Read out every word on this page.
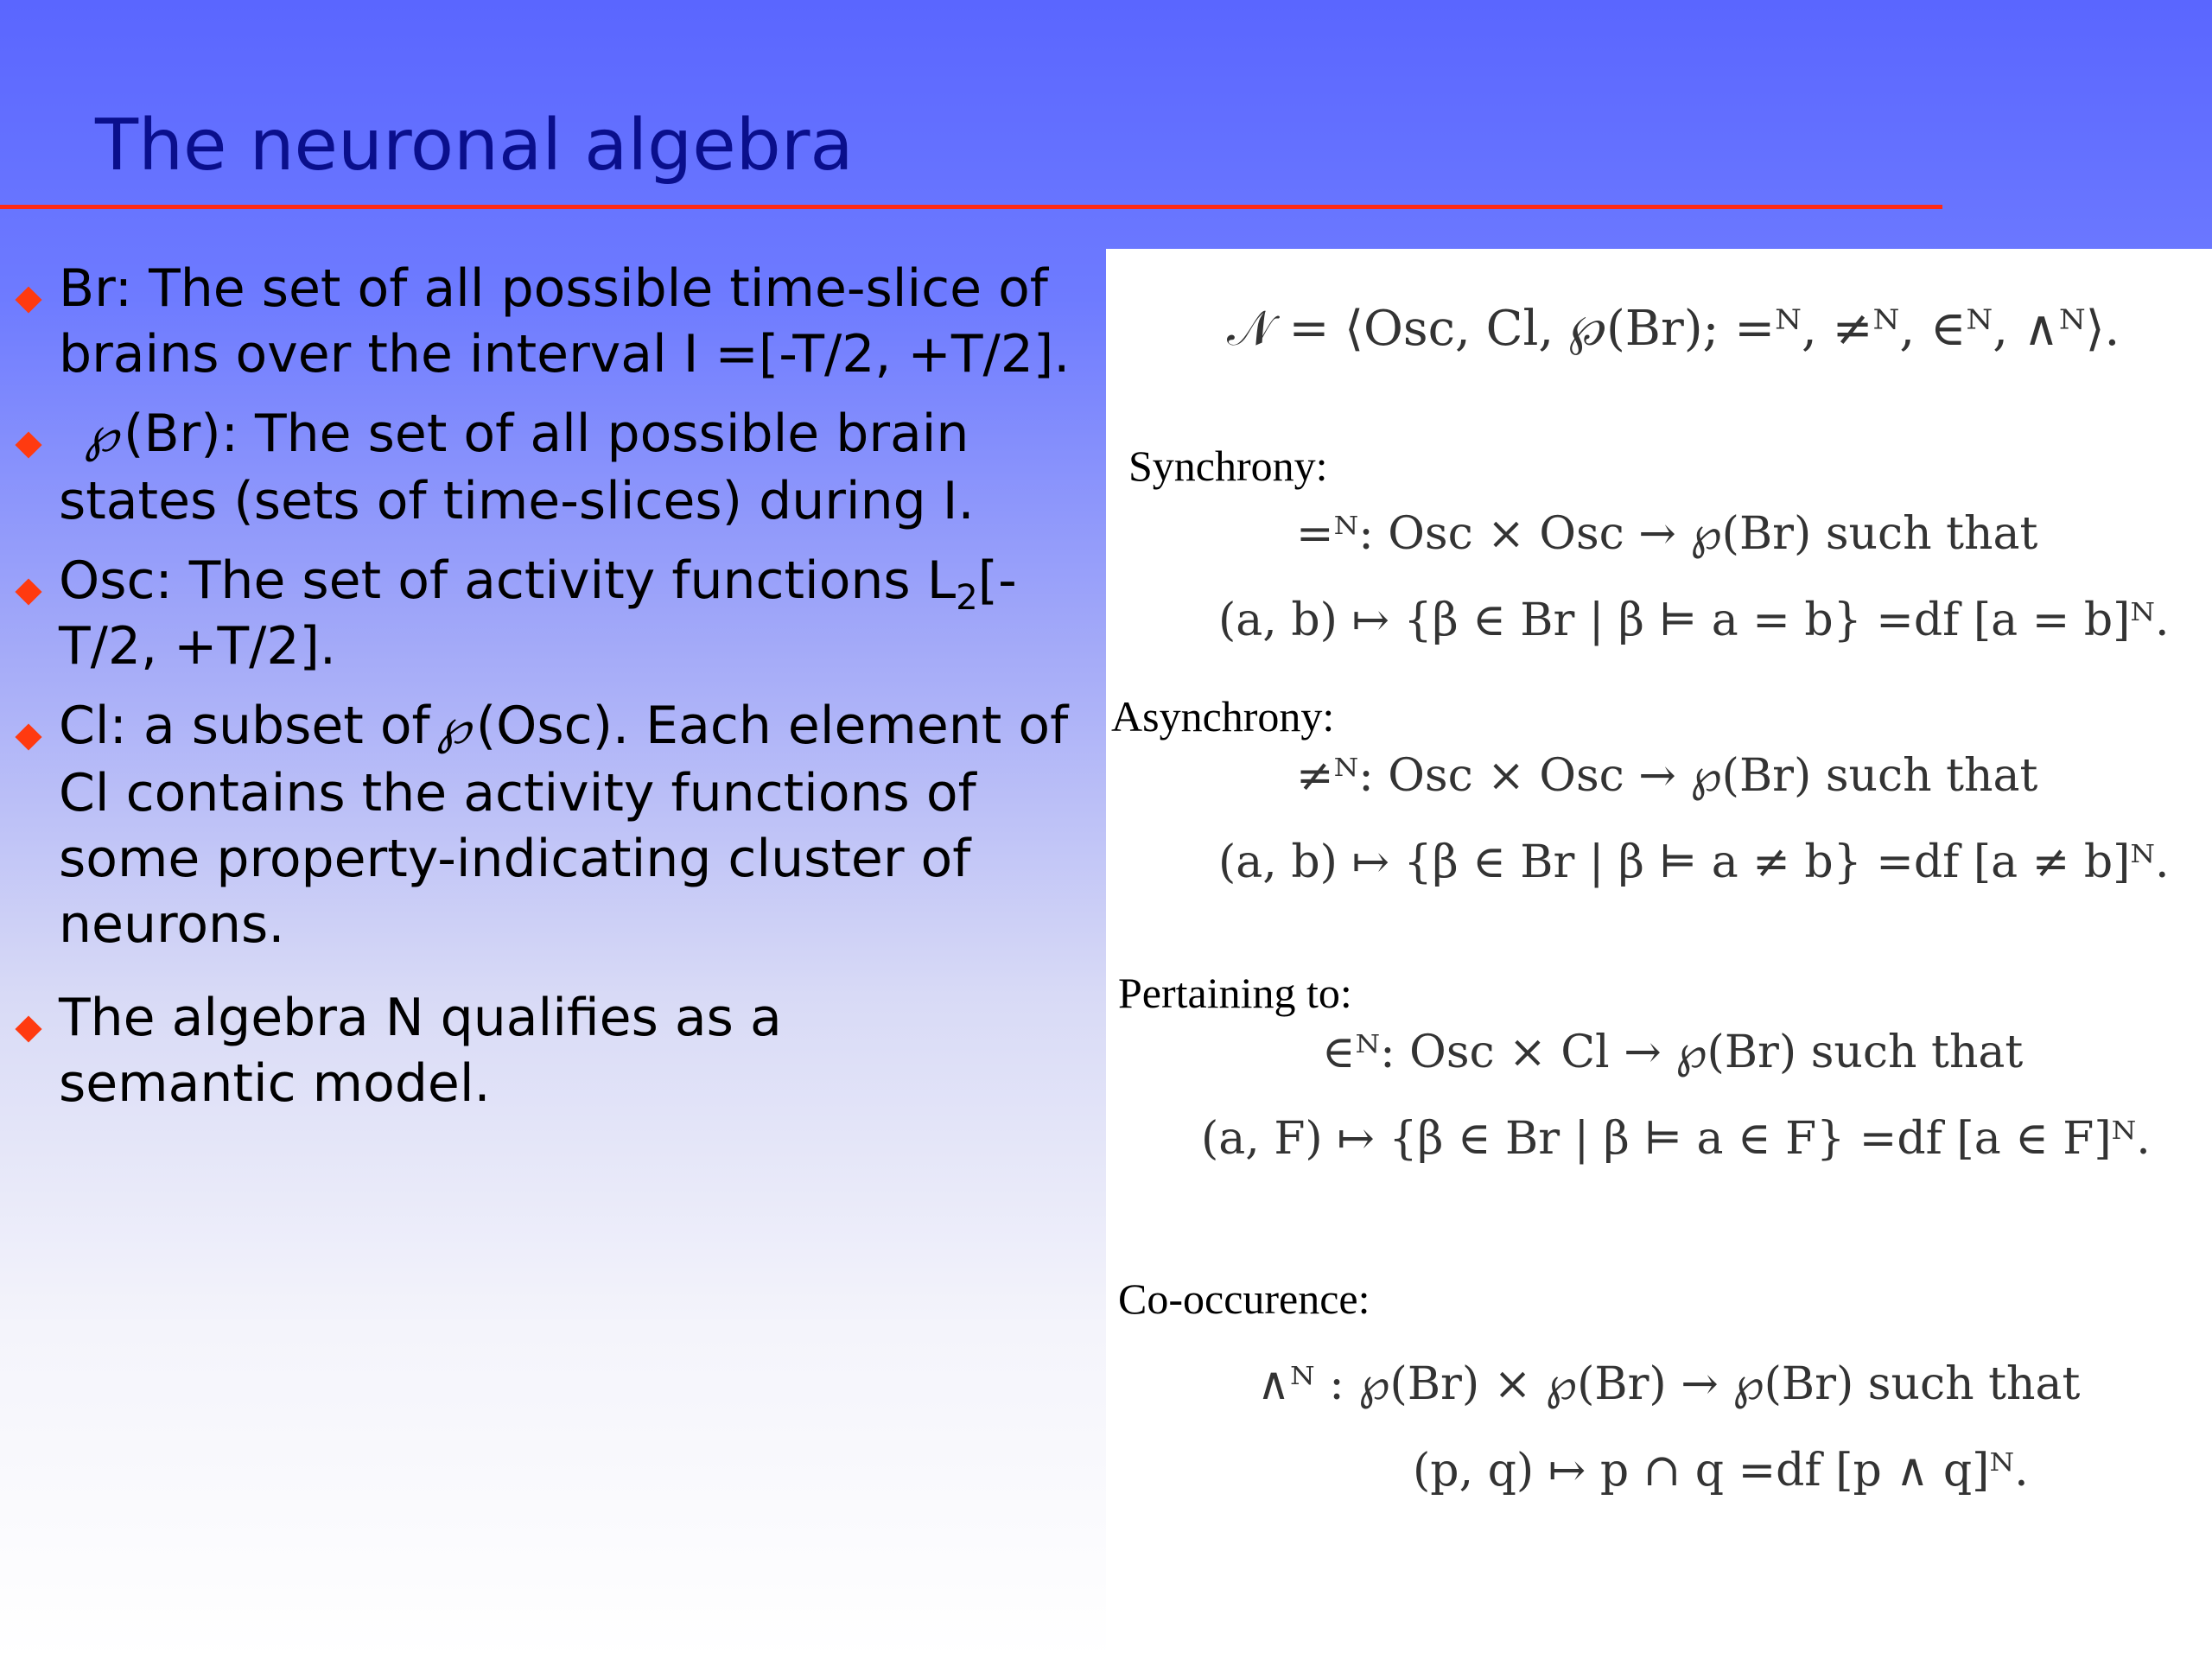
The neuronal algebra
Br: The set of all possible time-slice of brains over the interval I =[-T/2, +T/2].
℘ (Br): The set of all possible brain states (sets of time-slices) during I.
Osc: The set of activity functions $L_2[-T/2$, +T/2].
Cl: a subset of ℘ (Osc). Each element of Cl contains the activity functions of some property-indicating cluster of neurons.
The algebra N qualifies as a semantic model.
𝒩 = ⟨Osc, Cl, ℘(Br); =ᴺ, ≠ᴺ, ∈ᴺ, ∧ᴺ⟩.
Synchrony:
=ᴺ: Osc × Osc → ℘(Br) such that
(a, b) ↦ {β ∈ Br | β ⊨ a = b} =df [a = b]ᴺ.
Asynchrony:
≠ᴺ: Osc × Osc → ℘(Br) such that
(a, b) ↦ {β ∈ Br | β ⊨ a ≠ b} =df [a ≠ b]ᴺ.
Pertaining to:
∈ᴺ: Osc × Cl → ℘(Br) such that
(a, F) ↦ {β ∈ Br | β ⊨ a ∈ F} =df [a ∈ F]ᴺ.
Co-occurence:
∧ᴺ : ℘(Br) × ℘(Br) → ℘(Br) such that
(p, q) ↦ p ∩ q =df [p ∧ q]ᴺ.
